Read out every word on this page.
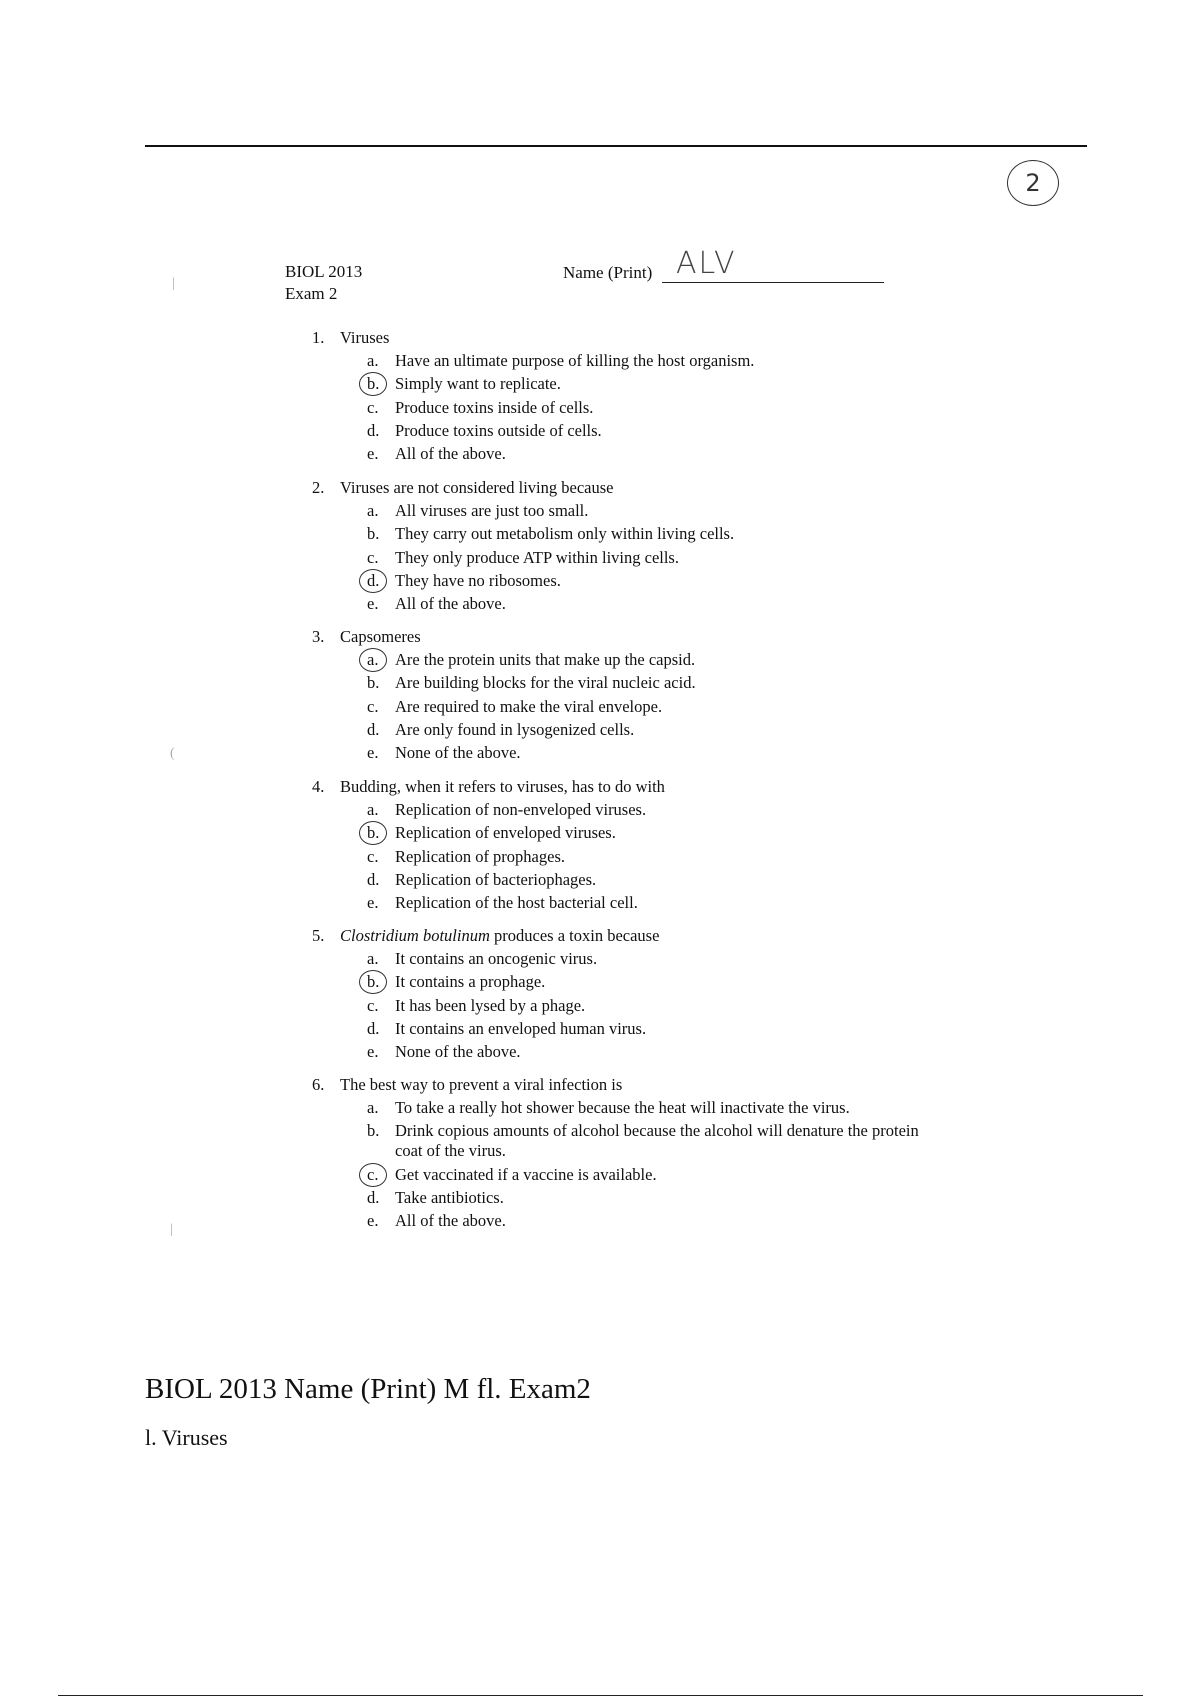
2
|
(
|
BIOL 2013
Exam 2
Name (Print) ALV
1. Viruses
a.	Have an ultimate purpose of killing the host organism.
b. Simply want to replicate.
c.	Produce toxins inside of cells.
d. Produce toxins outside of cells.
e.	All of the above.
2. Viruses are not considered living because
a.	All viruses are just too small.
b. They carry out metabolism only within living cells.
c.	They only produce ATP within living cells.
d. They have no ribosomes.
e.	All of the above.
3. Capsomeres
a.	Are the protein units that make up the capsid.
b. Are building blocks for the viral nucleic acid.
c.	Are required to make the viral envelope.
d. Are only found in lysogenized cells.
e.	None of the above.
4. Budding, when it refers to viruses, has to do with
a.	Replication of non-enveloped viruses.
b. Replication of enveloped viruses.
c.	Replication of prophages.
d. Replication of bacteriophages.
e.	Replication of the host bacterial cell.
5. Clostridium botulinum produces a toxin because
a.	It contains an oncogenic virus.
b. It contains a prophage.
c.	It has been lysed by a phage.
d. It contains an enveloped human virus.
e.	None of the above.
6. The best way to prevent a viral infection is
a.	To take a really hot shower because the heat will inactivate the virus.
b. Drink copious amounts of alcohol because the alcohol will denature the protein coat of the virus.
c.	Get vaccinated if a vaccine is available.
d. Take antibiotics.
e.	All of the above.
BIOL 2013 Name (Print) M fl. Exam2
l. Viruses
